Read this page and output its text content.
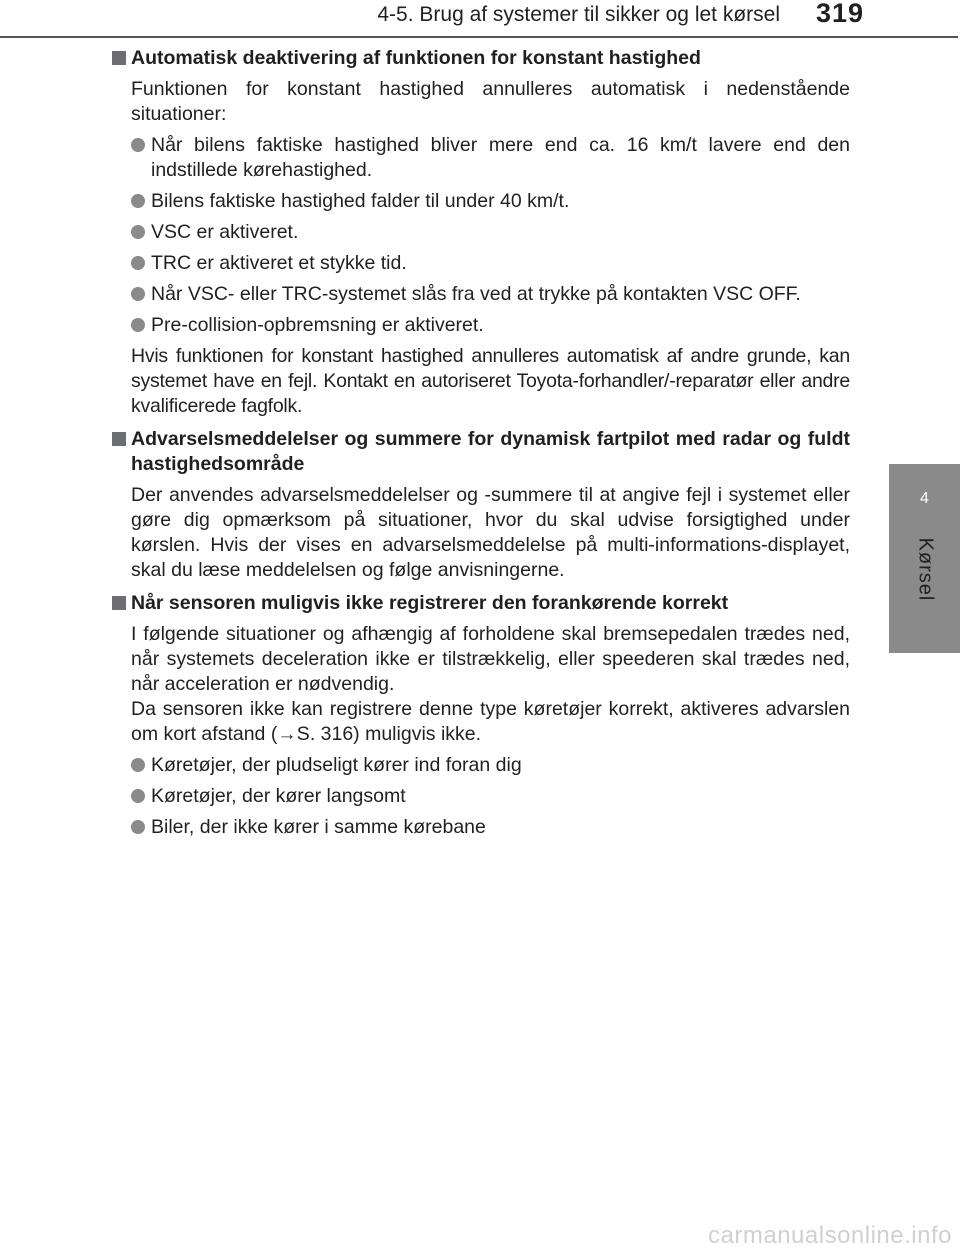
4-5. Brug af systemer til sikker og let kørsel 319
4
Kørsel
Automatisk deaktivering af funktionen for konstant hastighed
Funktionen for konstant hastighed annulleres automatisk i nedenstående situationer:
Når bilens faktiske hastighed bliver mere end ca. 16 km/t lavere end den indstillede kørehastighed.
Bilens faktiske hastighed falder til under 40 km/t.
VSC er aktiveret.
TRC er aktiveret et stykke tid.
Når VSC- eller TRC-systemet slås fra ved at trykke på kontakten VSC OFF.
Pre-collision-opbremsning er aktiveret.
Hvis funktionen for konstant hastighed annulleres automatisk af andre grunde, kan systemet have en fejl. Kontakt en autoriseret Toyota-forhandler/-reparatør eller andre kvalificerede fagfolk.
Advarselsmeddelelser og summere for dynamisk fartpilot med radar og fuldt hastighedsområde
Der anvendes advarselsmeddelelser og -summere til at angive fejl i systemet eller gøre dig opmærksom på situationer, hvor du skal udvise forsigtighed under kørslen. Hvis der vises en advarselsmeddelelse på multi-informations-displayet, skal du læse meddelelsen og følge anvisningerne.
Når sensoren muligvis ikke registrerer den forankørende korrekt
I følgende situationer og afhængig af forholdene skal bremsepedalen trædes ned, når systemets deceleration ikke er tilstrækkelig, eller speederen skal trædes ned, når acceleration er nødvendig.
Da sensoren ikke kan registrere denne type køretøjer korrekt, aktiveres advarslen om kort afstand (→S. 316) muligvis ikke.
Køretøjer, der pludseligt kører ind foran dig
Køretøjer, der kører langsomt
Biler, der ikke kører i samme kørebane
carmanualsonline.info
